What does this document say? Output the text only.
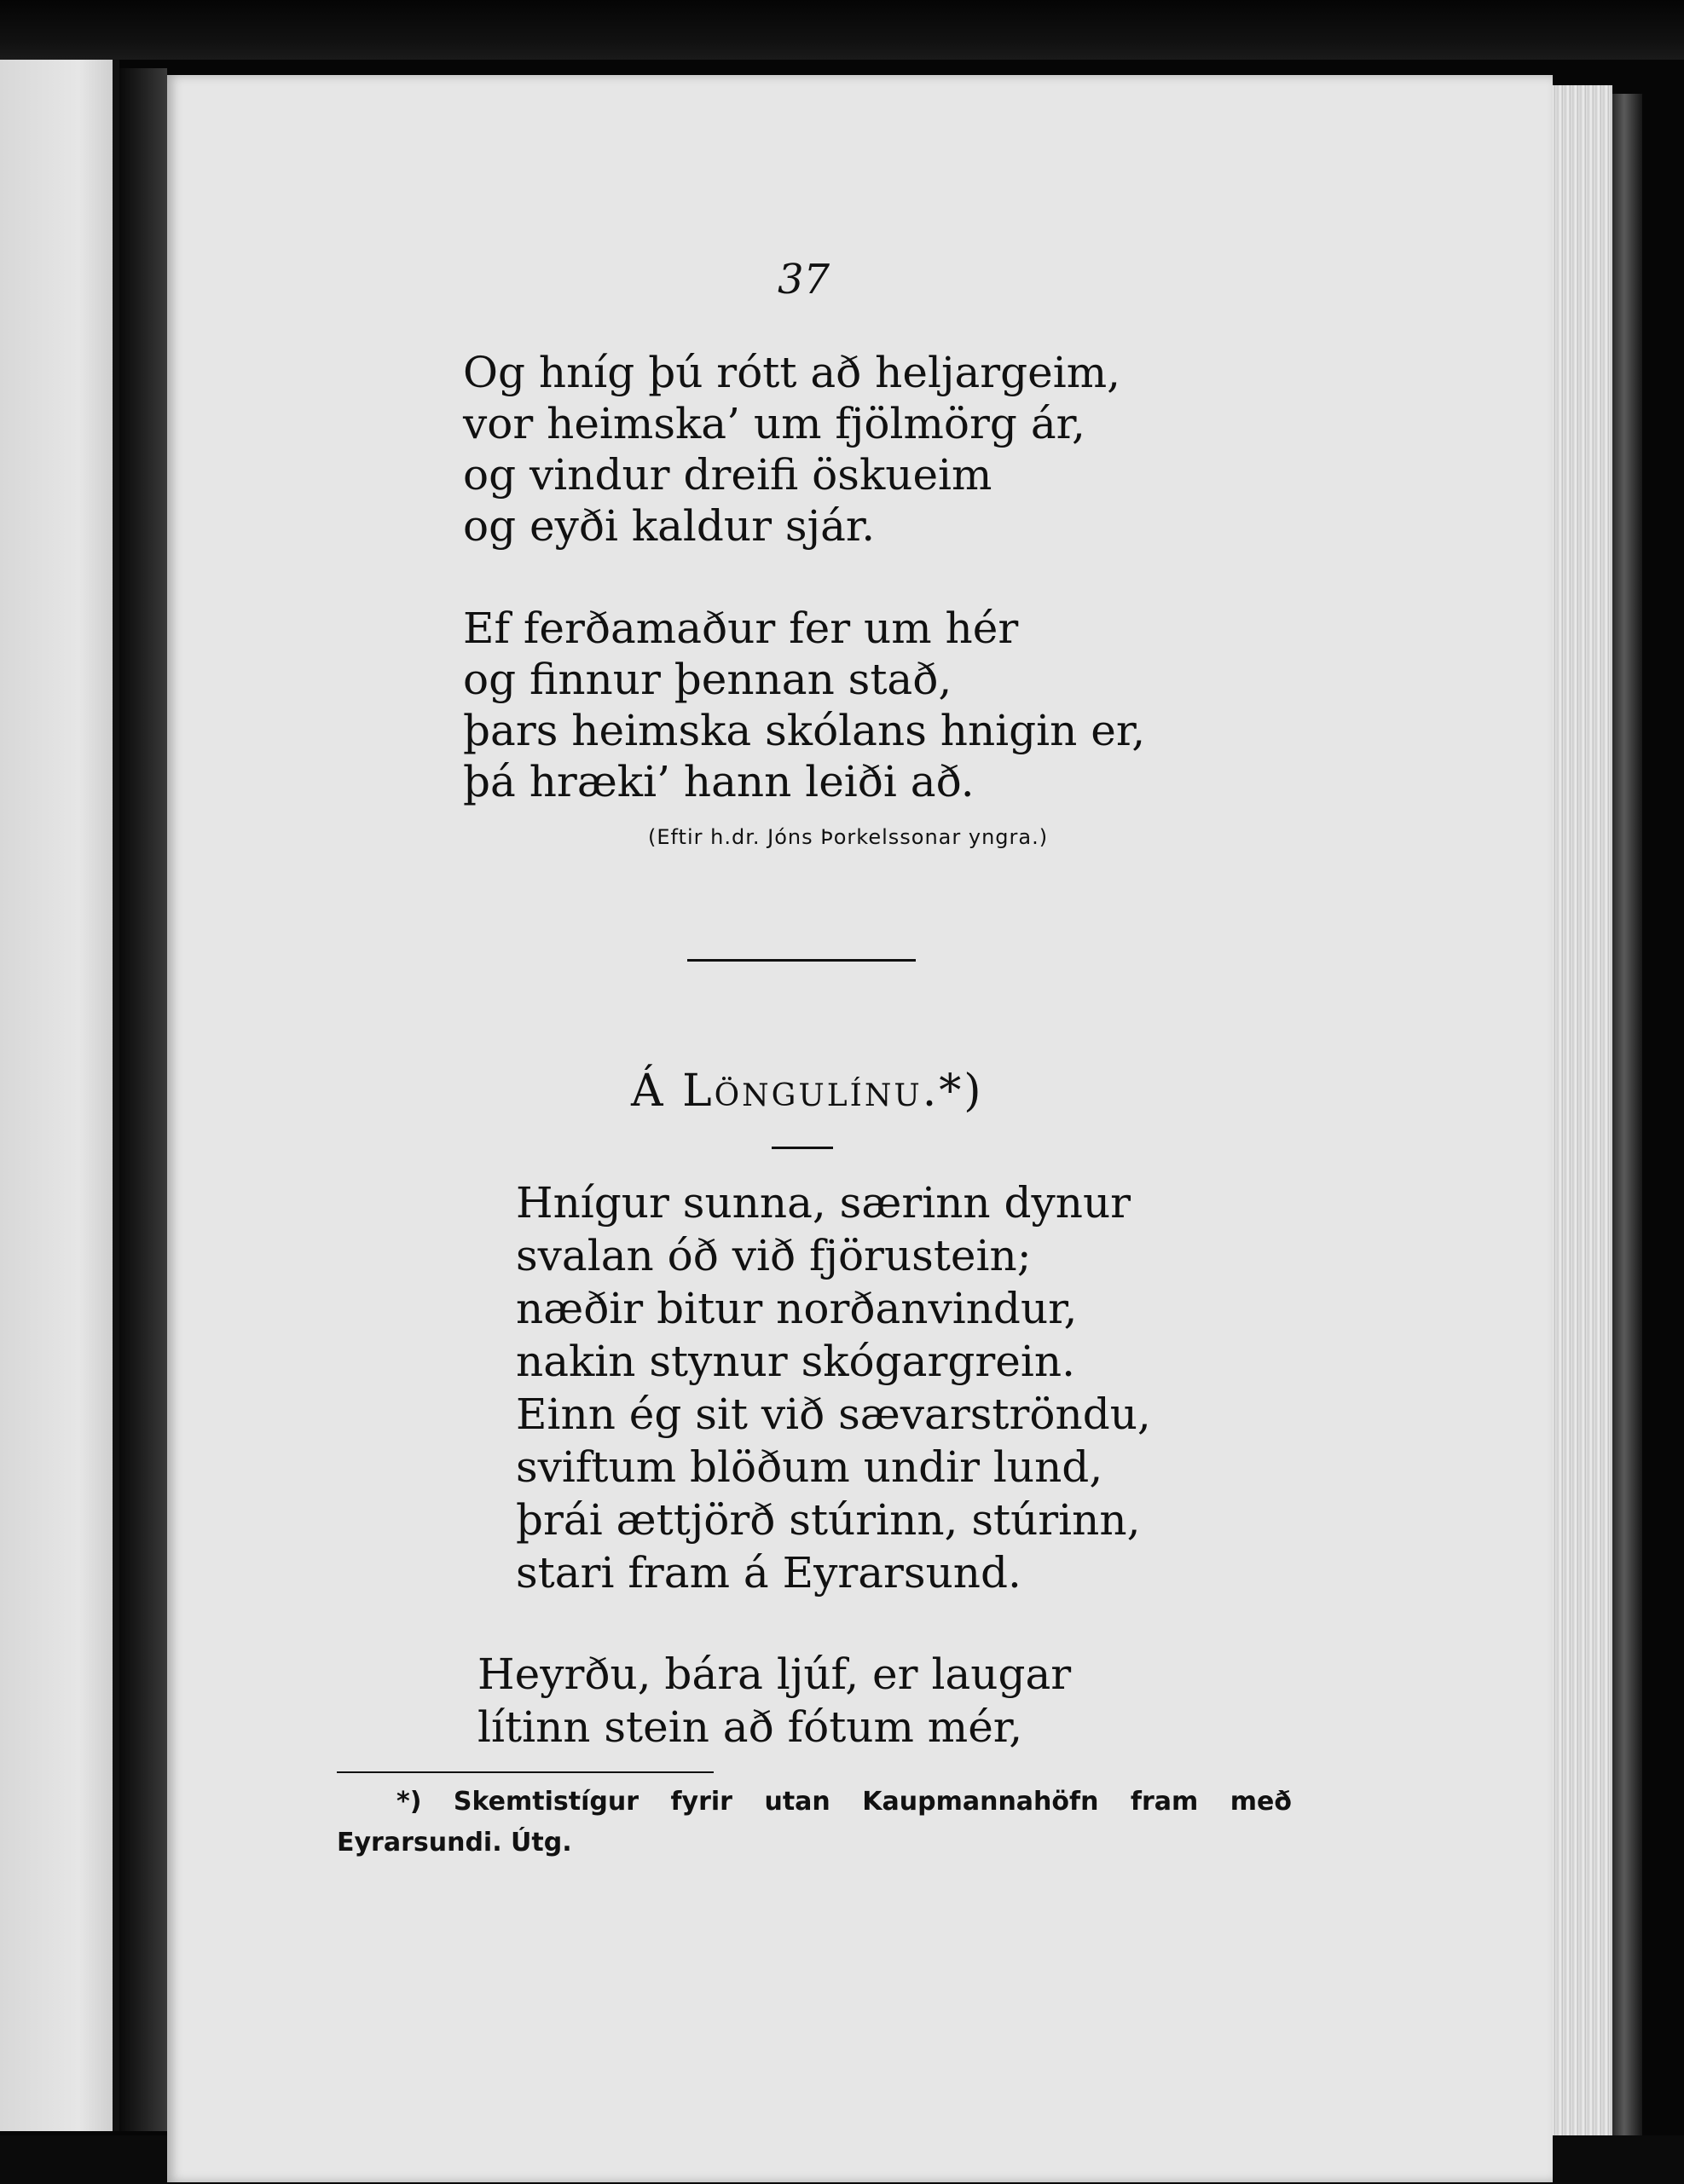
37
Og hníg þú rótt að heljargeim,
vor heimska’ um fjölmörg ár,
og vindur dreifi öskueim
og eyði kaldur sjár.
Ef ferðamaður fer um hér
og finnur þennan stað,
þars heimska skólans hnigin er,
þá hræki’ hann leiði að.
(Eftir h.dr. Jóns Þorkelssonar yngra.)
Á Löngulínu.*)
Hnígur sunna, særinn dynur
svalan óð við fjörustein;
næðir bitur norðanvindur,
nakin stynur skógargrein.
Einn ég sit við sævarströndu,
sviftum blöðum undir lund,
þrái ættjörð stúrinn, stúrinn,
stari fram á Eyrarsund.
Heyrðu, bára ljúf, er laugar
lítinn stein að fótum mér,
*) Skemtistígur fyrir utan Kaupmannahöfn fram með
Eyrarsundi. Útg.
